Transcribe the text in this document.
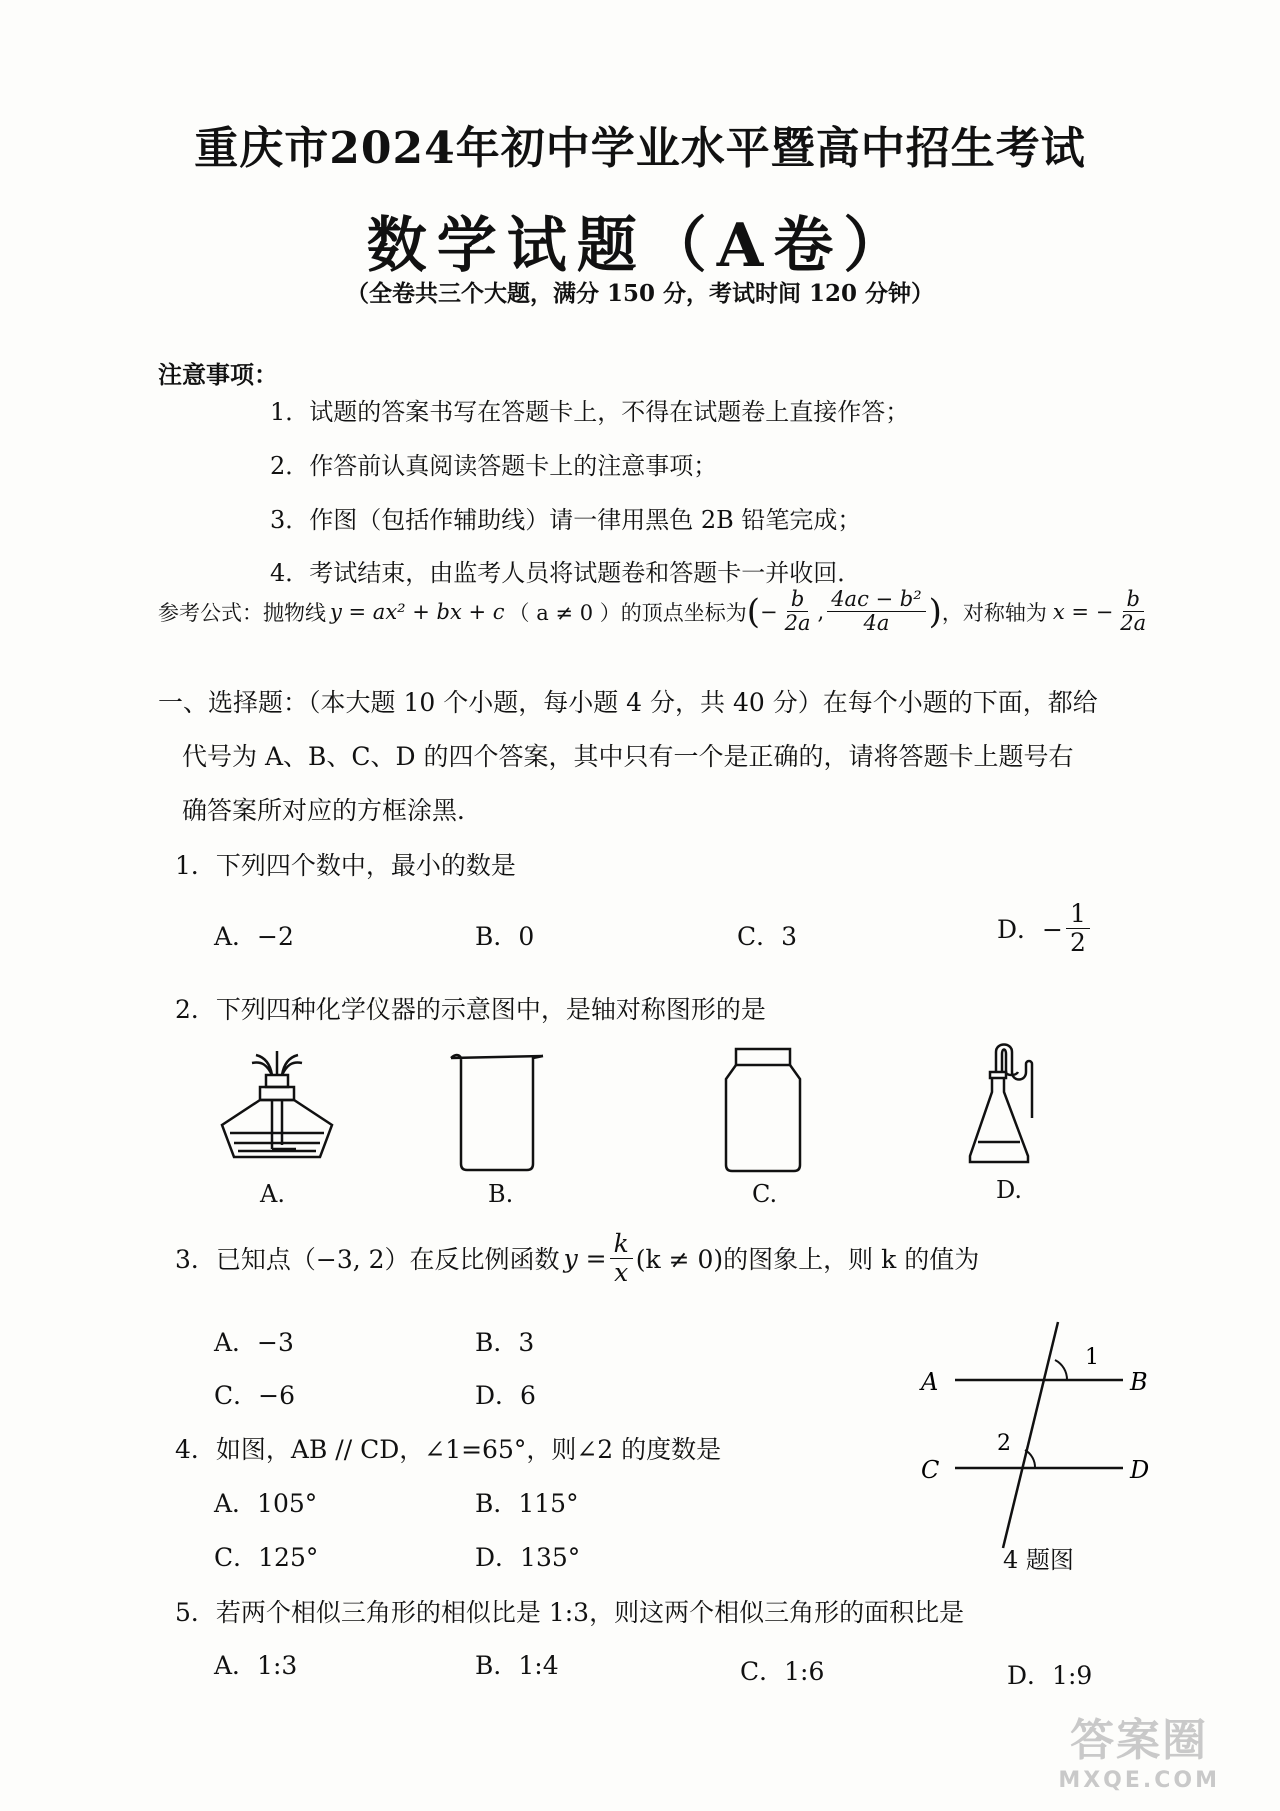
重庆市2024年初中学业水平暨高中招生考试
数学试题（A卷）
（全卷共三个大题，满分 150 分，考试时间 120 分钟）
注意事项：
1．试题的答案书写在答题卡上，不得在试题卷上直接作答；
2．作答前认真阅读答题卡上的注意事项；
3．作图（包括作辅助线）请一律用黑色 2B 铅笔完成；
4．考试结束，由监考人员将试题卷和答题卡一并收回．
参考公式：抛物线 y = ax² + bx + c （ a ≠ 0 ）的顶点坐标为 ( − $\frac{b}{2a}$ , $\frac{\text{4ac − b²}}{4a}$ ) ，对称轴为 x = − $\frac{b}{2a}$
一、选择题：（本大题 10 个小题，每小题 4 分，共 40 分）在每个小题的下面，都给
代号为 A、B、C、D 的四个答案，其中只有一个是正确的，请将答题卡上题号右
确答案所对应的方框涂黑．
1．下列四个数中，最小的数是
A．−2	B．0	C．3	D．− $\frac{1}{2}$
2．下列四种化学仪器的示意图中，是轴对称图形的是
A.	B.	C.	D.
3．已知点（−3, 2）在反比例函数 $y = \frac{k}{x} (k \ne 0)$的图象上，则 k 的值为
A．−3	B．3
C．−6	D．6	A	B
C	D
1
2
4 题图
4．如图，AB // CD，∠1=65°，则∠2 的度数是
A．105°	B．115°
C．125°	D．135°
5．若两个相似三角形的相似比是 1:3，则这两个相似三角形的面积比是
A．1:3	B．1:4	C．1:6	D．1:9
答案圈
MXQE.COM
